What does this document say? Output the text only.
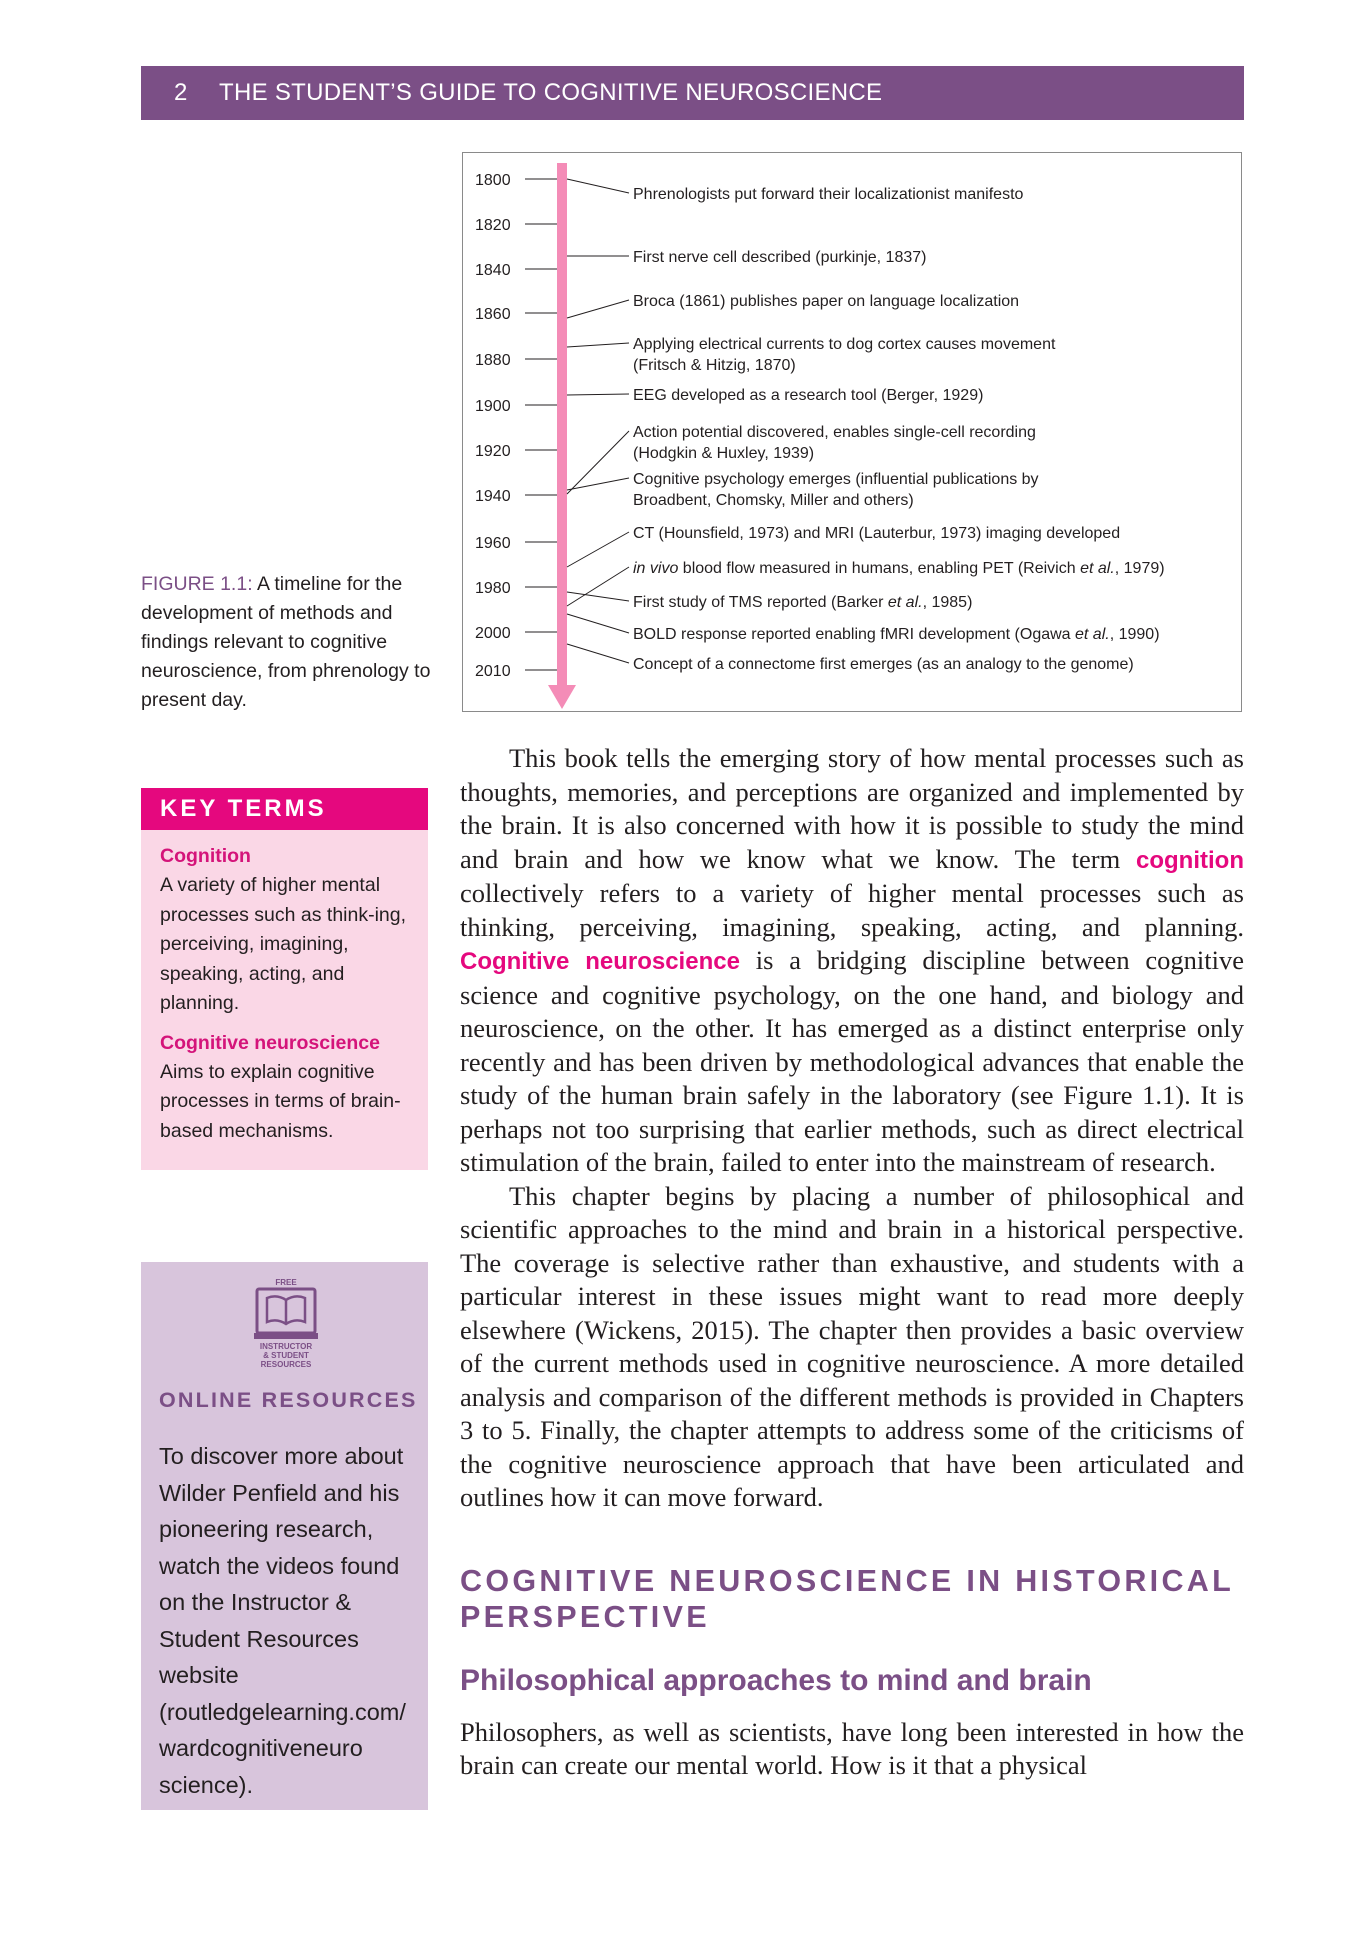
2 THE STUDENT’S GUIDE TO COGNITIVE NEUROSCIENCE
1800
1820
1840
1860
1880
1900
1920
1940
1960
1980
2000
2010
Phrenologists put forward their localizationist manifesto
First nerve cell described (purkinje, 1837)
Broca (1861) publishes paper on language localization
Applying electrical currents to dog cortex causes movement
(Fritsch & Hitzig, 1870)
EEG developed as a research tool (Berger, 1929)
Action potential discovered, enables single-cell recording
(Hodgkin & Huxley, 1939)
Cognitive psychology emerges (influential publications by
Broadbent, Chomsky, Miller and others)
CT (Hounsfield, 1973) and MRI (Lauterbur, 1973) imaging developed
in vivo blood flow measured in humans, enabling PET (Reivich et al., 1979)
First study of TMS reported (Barker et al., 1985)
BOLD response reported enabling fMRI development (Ogawa et al., 1990)
Concept of a connectome first emerges (as an analogy to the genome)
FIGURE 1.1: A timeline for the development of methods and findings relevant to cognitive neuroscience, from phrenology to present day.
KEY TERMS
Cognition
A variety of higher mental processes such as think-ing, perceiving, imagining, speaking, acting, and planning.
Cognitive neuroscience
Aims to explain cognitive processes in terms of brain-based mechanisms.
FREE
INSTRUCTOR
& STUDENT
RESOURCES
ONLINE RESOURCES
To discover more about Wilder Penfield and his pioneering research, watch the videos found on the Instructor & Student Resources website (routledgelearning.com/ wardcognitiveneuro science).

This book tells the emerging story of how mental processes such as thoughts, memories, and perceptions are organized and implemented by the brain. It is also concerned with how it is possible to study the mind and brain and how we know what we know. The term cognition collectively refers to a variety of higher mental processes such as thinking, perceiving, imagining, speaking, acting, and planning. Cognitive neuroscience is a bridging discipline between cognitive science and cognitive psychology, on the one hand, and biology and neuroscience, on the other. It has emerged as a distinct enterprise only recently and has been driven by methodological advances that enable the study of the human brain safely in the laboratory (see Figure 1.1). It is perhaps not too surprising that earlier methods, such as direct electrical stimulation of the brain, failed to enter into the mainstream of research.

This chapter begins by placing a number of philosophical and scientific approaches to the mind and brain in a historical perspective. The coverage is selective rather than exhaustive, and students with a particular interest in these issues might want to read more deeply elsewhere (Wickens, 2015). The chapter then provides a basic overview of the current methods used in cognitive neuroscience. A more detailed analysis and comparison of the different methods is provided in Chapters 3 to 5. Finally, the chapter attempts to address some of the criticisms of the cognitive neuroscience approach that have been articulated and outlines how it can move forward.

COGNITIVE NEUROSCIENCE IN HISTORICAL PERSPECTIVE
Philosophical approaches to mind and brain

Philosophers, as well as scientists, have long been interested in how the brain can create our mental world. How is it that a physical
